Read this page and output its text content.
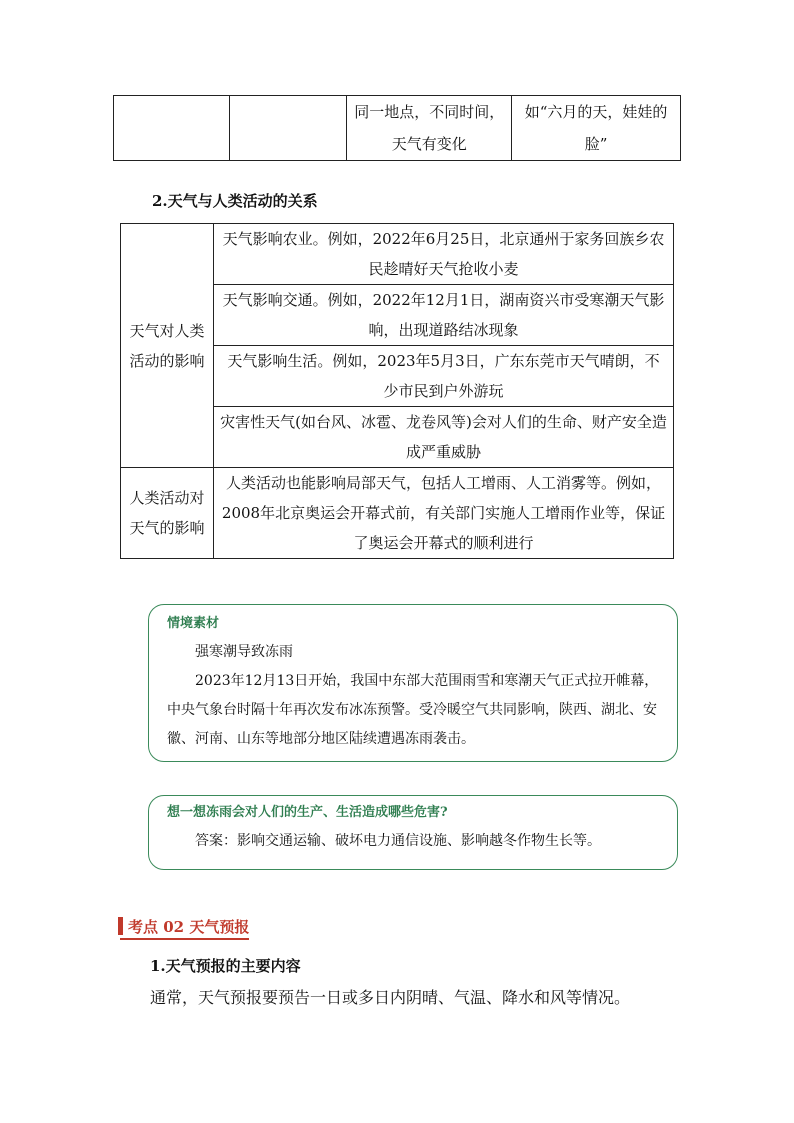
		同一地点，不同时间，天气有变化	如“六月的天，娃娃的脸”
2.天气与人类活动的关系
天气对人类活动的影响	天气影响农业。例如，2022年6月25日，北京通州于家务回族乡农民趁晴好天气抢收小麦
	天气影响交通。例如，2022年12月1日，湖南资兴市受寒潮天气影响，出现道路结冰现象
	天气影响生活。例如，2023年5月3日，广东东莞市天气晴朗，不少市民到户外游玩
	灾害性天气(如台风、冰雹、龙卷风等)会对人们的生命、财产安全造成严重威胁
人类活动对天气的影响	人类活动也能影响局部天气，包括人工增雨、人工消雾等。例如，2008年北京奥运会开幕式前，有关部门实施人工增雨作业等，保证了奥运会开幕式的顺利进行
情境素材
强寒潮导致冻雨
2023年12月13日开始，我国中东部大范围雨雪和寒潮天气正式拉开帷幕，中央气象台时隔十年再次发布冰冻预警。受冷暖空气共同影响，陕西、湖北、安徽、河南、山东等地部分地区陆续遭遇冻雨袭击。
想一想冻雨会对人们的生产、生活造成哪些危害?
答案：影响交通运输、破坏电力通信设施、影响越冬作物生长等。
考点 02 天气预报
1.天气预报的主要内容
通常，天气预报要预告一日或多日内阴晴、气温、降水和风等情况。
